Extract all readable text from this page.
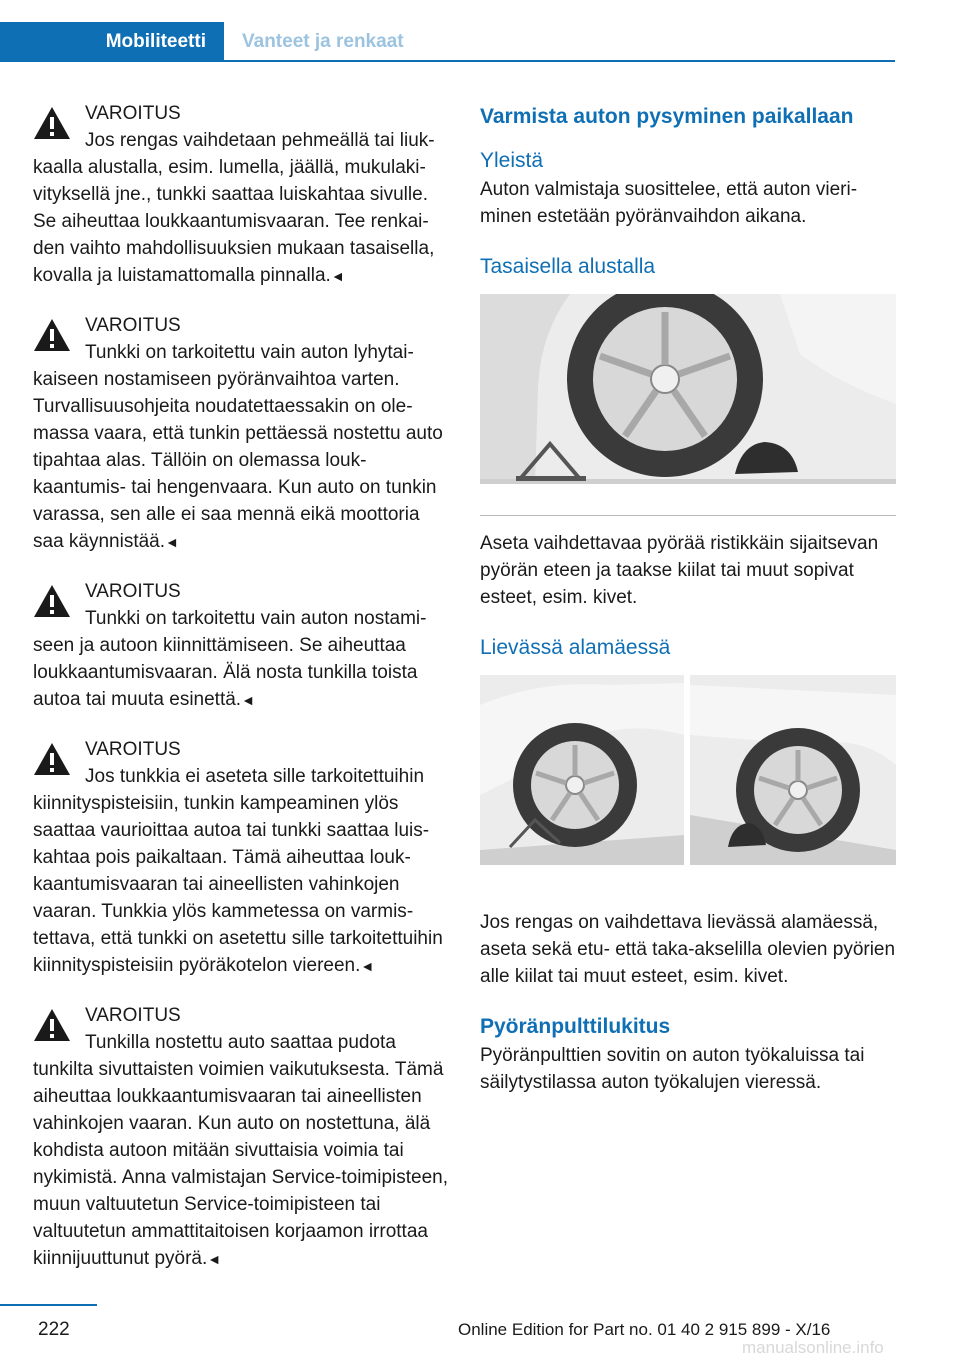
Mobiliteetti	Vanteet ja renkaat
VAROITUS
Jos rengas vaihdetaan pehmeällä tai liukkaalla alustalla, esim. lumella, jäällä, mukulakivityksellä jne., tunkki saattaa luiskahtaa sivulle. Se aiheuttaa loukkaantumisvaaran. Tee renkaiden vaihto mahdollisuuksien mukaan tasaisella, kovalla ja luistamattomalla pinnalla.◄
VAROITUS
Tunkki on tarkoitettu vain auton lyhytaikaiseen nostamiseen pyöränvaihtoa varten. Turvallisuusohjeita noudatettaessakin on olemassa vaara, että tunkin pettäessä nostettu auto tipahtaa alas. Tällöin on olemassa loukkaantumis- tai hengenvaara. Kun auto on tunkin varassa, sen alle ei saa mennä eikä moottoria saa käynnistää.◄
VAROITUS
Tunkki on tarkoitettu vain auton nostamiseen ja autoon kiinnittämiseen. Se aiheuttaa loukkaantumisvaaran. Älä nosta tunkilla toista autoa tai muuta esinettä.◄
VAROITUS
Jos tunkkia ei aseteta sille tarkoitettuihin kiinnityspisteisiin, tunkin kampeaminen ylös saattaa vaurioittaa autoa tai tunkki saattaa luiskahtaa pois paikaltaan. Tämä aiheuttaa loukkaantumisvaaran tai aineellisten vahinkojen vaaran. Tunkkia ylös kammetessa on varmistettava, että tunkki on asetettu sille tarkoitettuihin kiinnityspisteisiin pyöräkotelon viereen.◄
VAROITUS
Tunkilla nostettu auto saattaa pudota tunkilta sivuttaisten voimien vaikutuksesta. Tämä aiheuttaa loukkaantumisvaaran tai aineellisten vahinkojen vaaran. Kun auto on nostettuna, älä kohdista autoon mitään sivuttaisia voimia tai nykimistä. Anna valmistajan Service-toimipisteen, muun valtuutetun Service-toimipisteen tai valtuutetun ammattitaitoisen korjaamon irrottaa kiinnijuuttunut pyörä.◄
Varmista auton pysyminen paikallaan
Yleistä
Auton valmistaja suosittelee, että auton vieriminen estetään pyöränvaihdon aikana.
Tasaisella alustalla
Aseta vaihdettavaa pyörää ristikkäin sijaitsevan pyörän eteen ja taakse kiilat tai muut sopivat esteet, esim. kivet.
Lievässä alamäessä
Jos rengas on vaihdettava lievässä alamäessä, aseta sekä etu- että taka-akselilla olevien pyörien alle kiilat tai muut esteet, esim. kivet.
Pyöränpulttilukitus
Pyöränpulttien sovitin on auton työkaluissa tai säilytystilassa auton työkalujen vieressä.
222	Online Edition for Part no. 01 40 2 915 899 - X/16
manualsonline.info
